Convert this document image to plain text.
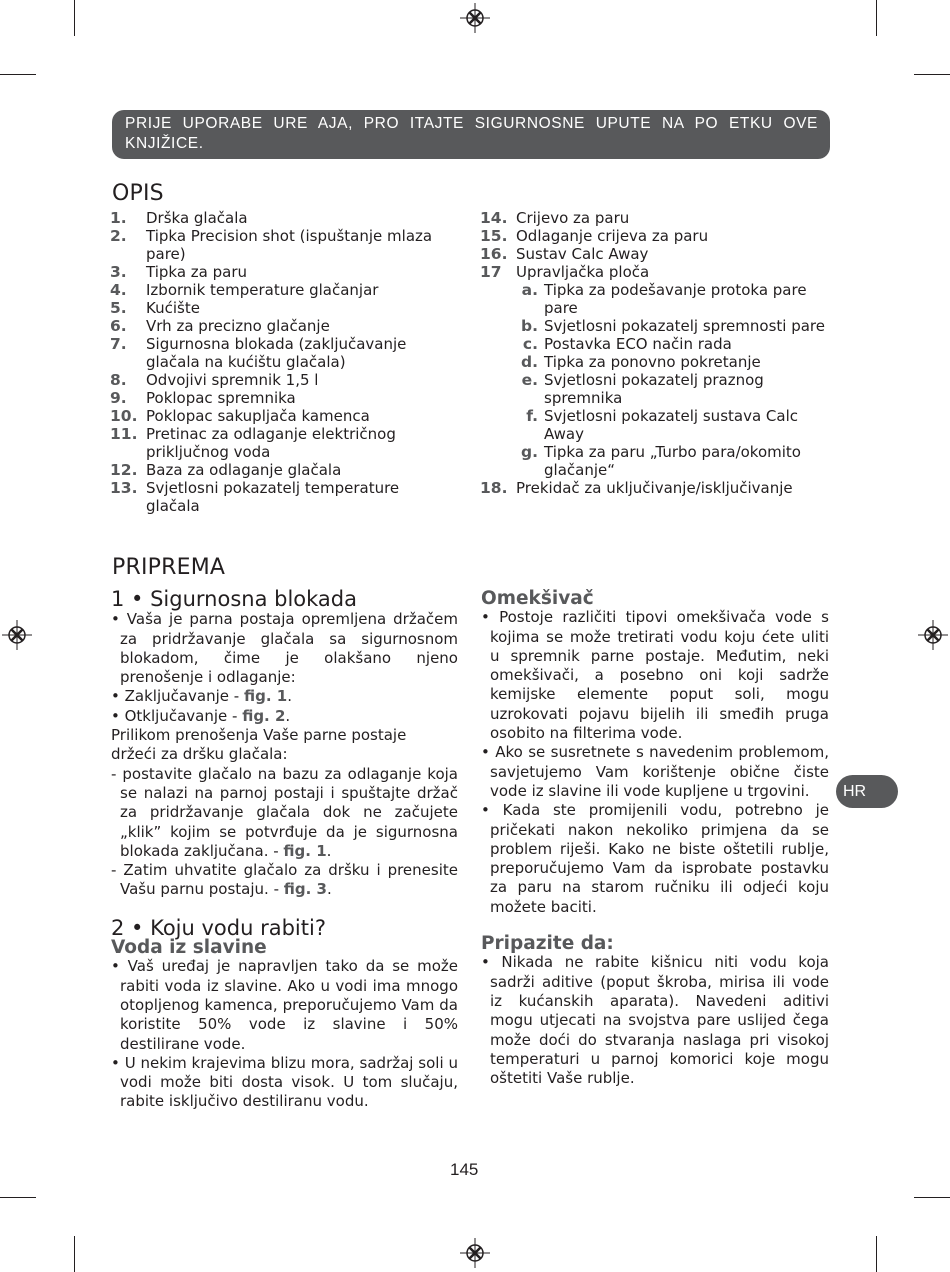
PRIJE UPORABE URE AJA, PRO ITAJTE SIGURNOSNE UPUTE NA PO ETKU OVE KNJIŽICE.
OPIS
1.	Drška glačala
2.	Tipka Precision shot (ispuštanje mlaza pare)
3.	Tipka za paru
4.	Izbornik temperature glačanjar
5.	Kućište
6.	Vrh za precizno glačanje
7.	Sigurnosna blokada (zaključavanje glačala na kućištu glačala)
8.	Odvojivi spremnik 1,5 l
9.	Poklopac spremnika
10. Poklopac sakupljača kamenca
11. Pretinac za odlaganje električnog priključnog voda
12. Baza za odlaganje glačala
13. Svjetlosni pokazatelj temperature glačala
14. Crijevo za paru
15. Odlaganje crijeva za paru
16. Sustav Calc Away
17 Upravljačka ploča
a. Tipka za podešavanje protoka pare pare
b. Svjetlosni pokazatelj spremnosti pare
c. Postavka ECO način rada
d. Tipka za ponovno pokretanje
e. Svjetlosni pokazatelj praznog spremnika
f. Svjetlosni pokazatelj sustava Calc Away
g. Tipka za paru „Turbo para/okomito glačanje“
18. Prekidač za uključivanje/isključivanje
PRIPREMA
1 • Sigurnosna blokada

• Vaša je parna postaja opremljena držačem za pridržavanje glačala sa sigurnosnom blokadom, čime je olakšano njeno prenošenje i odlaganje:

• Zaključavanje - fig. 1.

• Otključavanje - fig. 2.

Prilikom prenošenja Vaše parne postaje držeći za dršku glačala:

- postavite glačalo na bazu za odlaganje koja se nalazi na parnoj postaji i spuštajte držač za pridržavanje glačala dok ne začujete „klik” kojim se potvrđuje da je sigurnosna blokada zaključana. - fig. 1.

- Zatim uhvatite glačalo za dršku i prenesite Vašu parnu postaju. - fig. 3.

2 • Koju vodu rabiti?
Voda iz slavine

• Vaš uređaj je napravljen tako da se može rabiti voda iz slavine. Ako u vodi ima mnogo otopljenog kamenca, preporučujemo Vam da koristite 50% vode iz slavine i 50% destilirane vode.

• U nekim krajevima blizu mora, sadržaj soli u vodi može biti dosta visok. U tom slučaju, rabite isključivo destiliranu vodu.

Omekšivač

• Postoje različiti tipovi omekšivača vode s kojima se može tretirati vodu koju ćete uliti u spremnik parne postaje. Međutim, neki omekšivači, a posebno oni koji sadrže kemijske elemente poput soli, mogu uzrokovati pojavu bijelih ili smeđih pruga osobito na filterima vode.

• Ako se susretnete s navedenim problemom, savjetujemo Vam korištenje obične čiste vode iz slavine ili vode kupljene u trgovini.

• Kada ste promijenili vodu, potrebno je pričekati nakon nekoliko primjena da se problem riješi. Kako ne biste oštetili rublje, preporučujemo Vam da isprobate postavku za paru na starom ručniku ili odjeći koju možete baciti.

Pripazite da:

• Nikada ne rabite kišnicu niti vodu koja sadrži aditive (poput škroba, mirisa ili vode iz kućanskih aparata). Navedeni aditivi mogu utjecati na svojstva pare uslijed čega može doći do stvaranja naslaga pri visokoj temperaturi u parnoj komorici koje mogu oštetiti Vaše rublje.

HR
145
